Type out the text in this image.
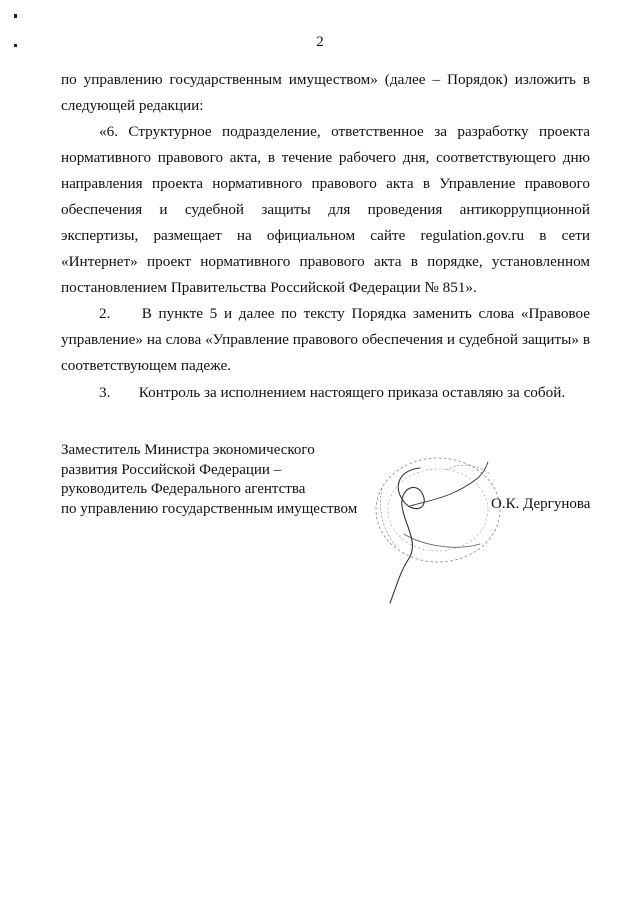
2

по управлению государственным имуществом» (далее – Порядок) изложить в следующей редакции:

«6. Структурное подразделение, ответственное за разработку проекта нормативного правового акта, в течение рабочего дня, соответствующего дню направления проекта нормативного правового акта в Управление правового обеспечения и судебной защиты для проведения антикоррупционной экспертизы, размещает на официальном сайте regulation.gov.ru в сети «Интернет» проект нормативного правового акта в порядке, установленном постановлением Правительства Российской Федерации № 851».

2. В пункте 5 и далее по тексту Порядка заменить слова «Правовое управление» на слова «Управление правового обеспечения и судебной защиты» в соответствующем падеже.

3. Контроль за исполнением настоящего приказа оставляю за собой.

Заместитель Министра экономического
развития Российской Федерации –
руководитель Федерального агентства
по управлению государственным имуществом	О.К. Дергунова
